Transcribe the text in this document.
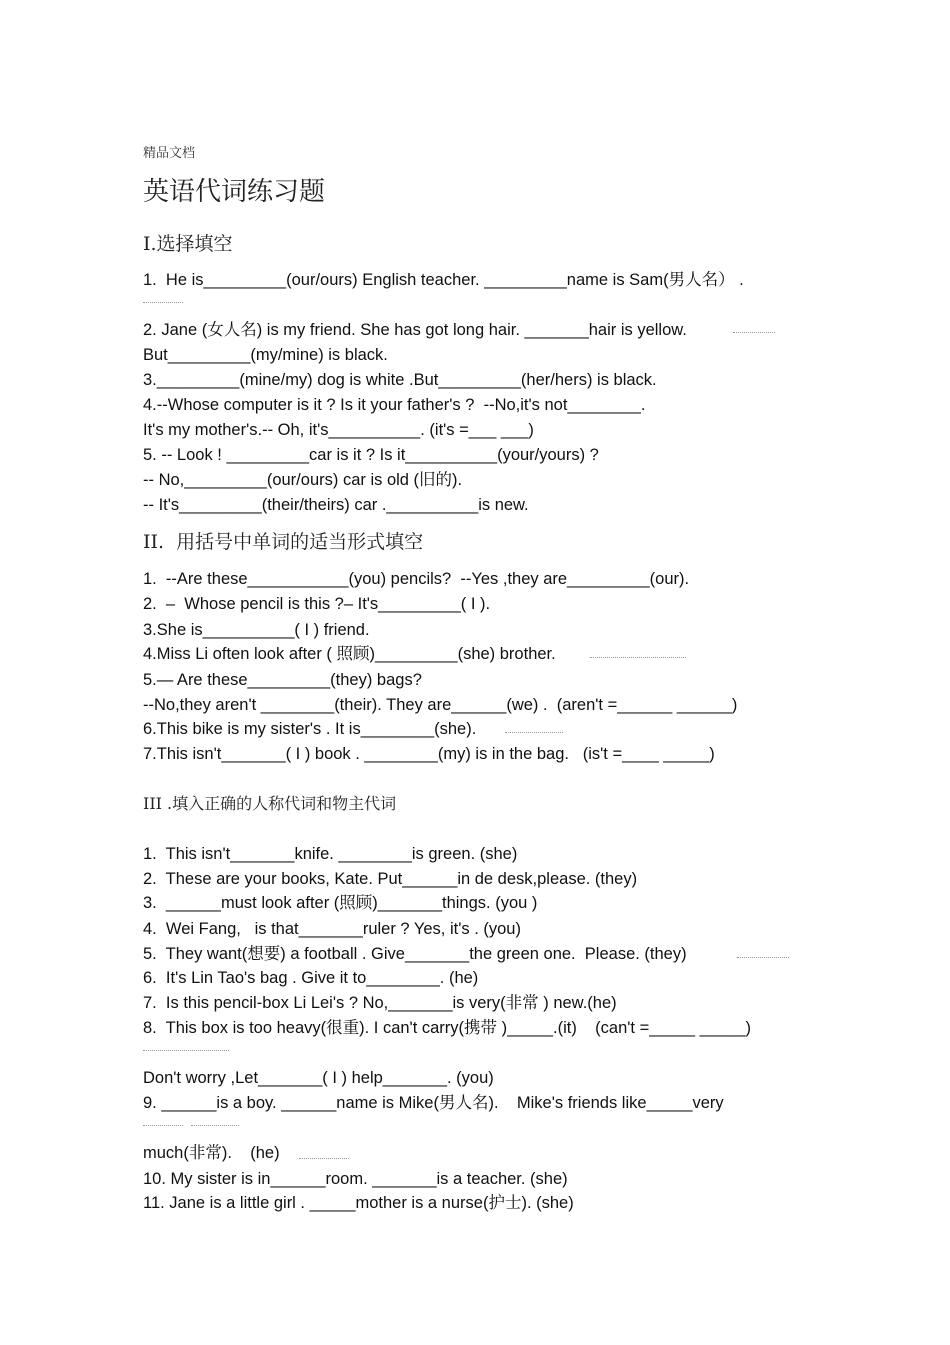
精品文档
英语代词练习题
I.选择填空
1.  He is_________(our/ours) English teacher. _________name is Sam(男人名） .
2. Jane (女人名) is my friend. She has got long hair. _______hair is yellow.
But_________(my/mine) is black.
3._________(mine/my) dog is white .But_________(her/hers) is black.
4.--Whose computer is it ? Is it your father's ?  --No,it's not________.
It's my mother's.-- Oh, it's__________. (it's =___ ___)
5. -- Look ! _________car is it ? Is it__________(your/yours) ?
-- No,_________(our/ours) car is old (旧的).
-- It's_________(their/theirs) car .__________is new.
II.  用括号中单词的适当形式填空
1.  --Are these___________(you) pencils?  --Yes ,they are_________(our).
2.  –  Whose pencil is this ?– It's_________( I ).
3.She is__________( I ) friend.
4.Miss Li often look after ( 照顾)_________(she) brother.
5.— Are these_________(they) bags?
--No,they aren't ________(their). They are______(we) .  (aren't =______ ______)
6.This bike is my sister's . It is________(she).
7.This isn't_______( I ) book . ________(my) is in the bag.   (is't =____ _____)
III .填入正确的人称代词和物主代词
1.  This isn't_______knife. ________is green. (she)
2.  These are your books, Kate. Put______in de desk,please. (they)
3.  ______must look after (照顾)_______things. (you )
4.  Wei Fang,   is that_______ruler ? Yes, it's . (you)
5.  They want(想要) a football . Give_______the green one.  Please. (they)
6.  It's Lin Tao's bag . Give it to________. (he)
7.  Is this pencil-box Li Lei's ? No,_______is very(非常 ) new.(he)
8.  This box is too heavy(很重). I can't carry(携带 )_____.(it)    (can't =_____ _____)
Don't worry ,Let_______( I ) help_______. (you)
9. ______is a boy. ______name is Mike(男人名).    Mike's friends like_____very
much(非常).    (he)
10. My sister is in______room. _______is a teacher. (she)
11. Jane is a little girl . _____mother is a nurse(护士). (she)
